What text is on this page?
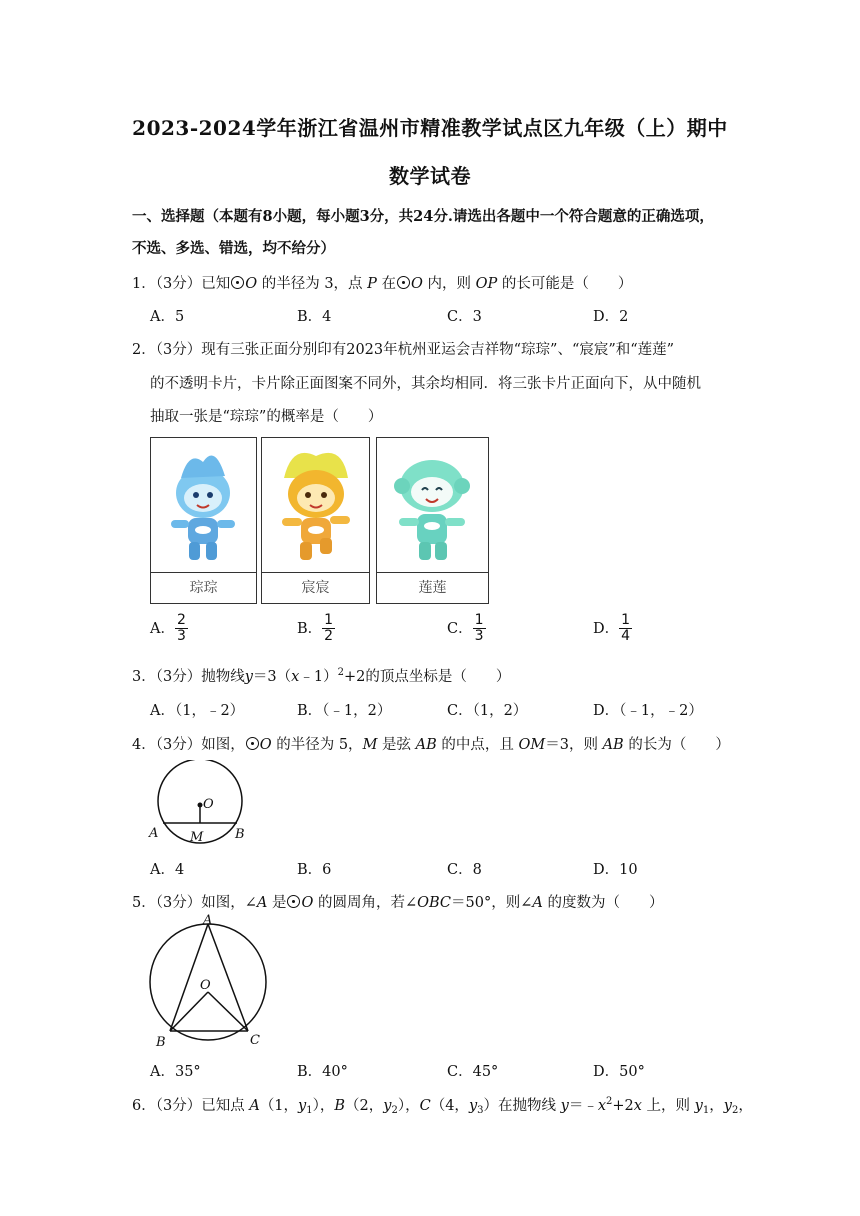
2023-2024学年浙江省温州市精准教学试点区九年级（上）期中
数学试卷
一、选择题（本题有8小题，每小题3分，共24分.请选出各题中一个符合题意的正确选项，
不选、多选、错选，均不给分）
1．（3分）已知 O 的半径为 3，点 P 在 O 内，则 OP 的长可能是（　　）
A．5	B．4	C．3	D．2
2．（3分）现有三张正面分别印有2023年杭州亚运会吉祥物“琮琮”、“宸宸”和“莲莲”
的不透明卡片，卡片除正面图案不同外，其余均相同．将三张卡片正面向下，从中随机
抽取一张是“琮琮”的概率是（　　）
琮琮	宸宸	莲莲
A． $\frac{2}{3}$	B． $\frac{1}{2}$	C． $\frac{1}{3}$	D． $\frac{1}{4}$
3．（3分）抛物线y＝3（x﹣1）$^2$+2的顶点坐标是（　　）
A．（1，﹣2）	B．（﹣1，2）	C．（1，2）	D．（﹣1，﹣2）
4．（3分）如图， O 的半径为 5，M 是弦 AB 的中点，且 OM＝3，则 AB 的长为（　　）
O
M
A	B
A．4	B．6	C．8	D．10
5．（3分）如图，∠A 是 O 的圆周角，若∠OBC＝50°，则∠A 的度数为（　　）
A
O
B	C
A．35°	B．40°	C．45°	D．50°
6．（3分）已知点 A（1，$y_1$），B（2，$y_2$），C（4，$y_3$）在抛物线 $y=﹣x^2+2x$ 上，则 $y_1$，$y_2$，
